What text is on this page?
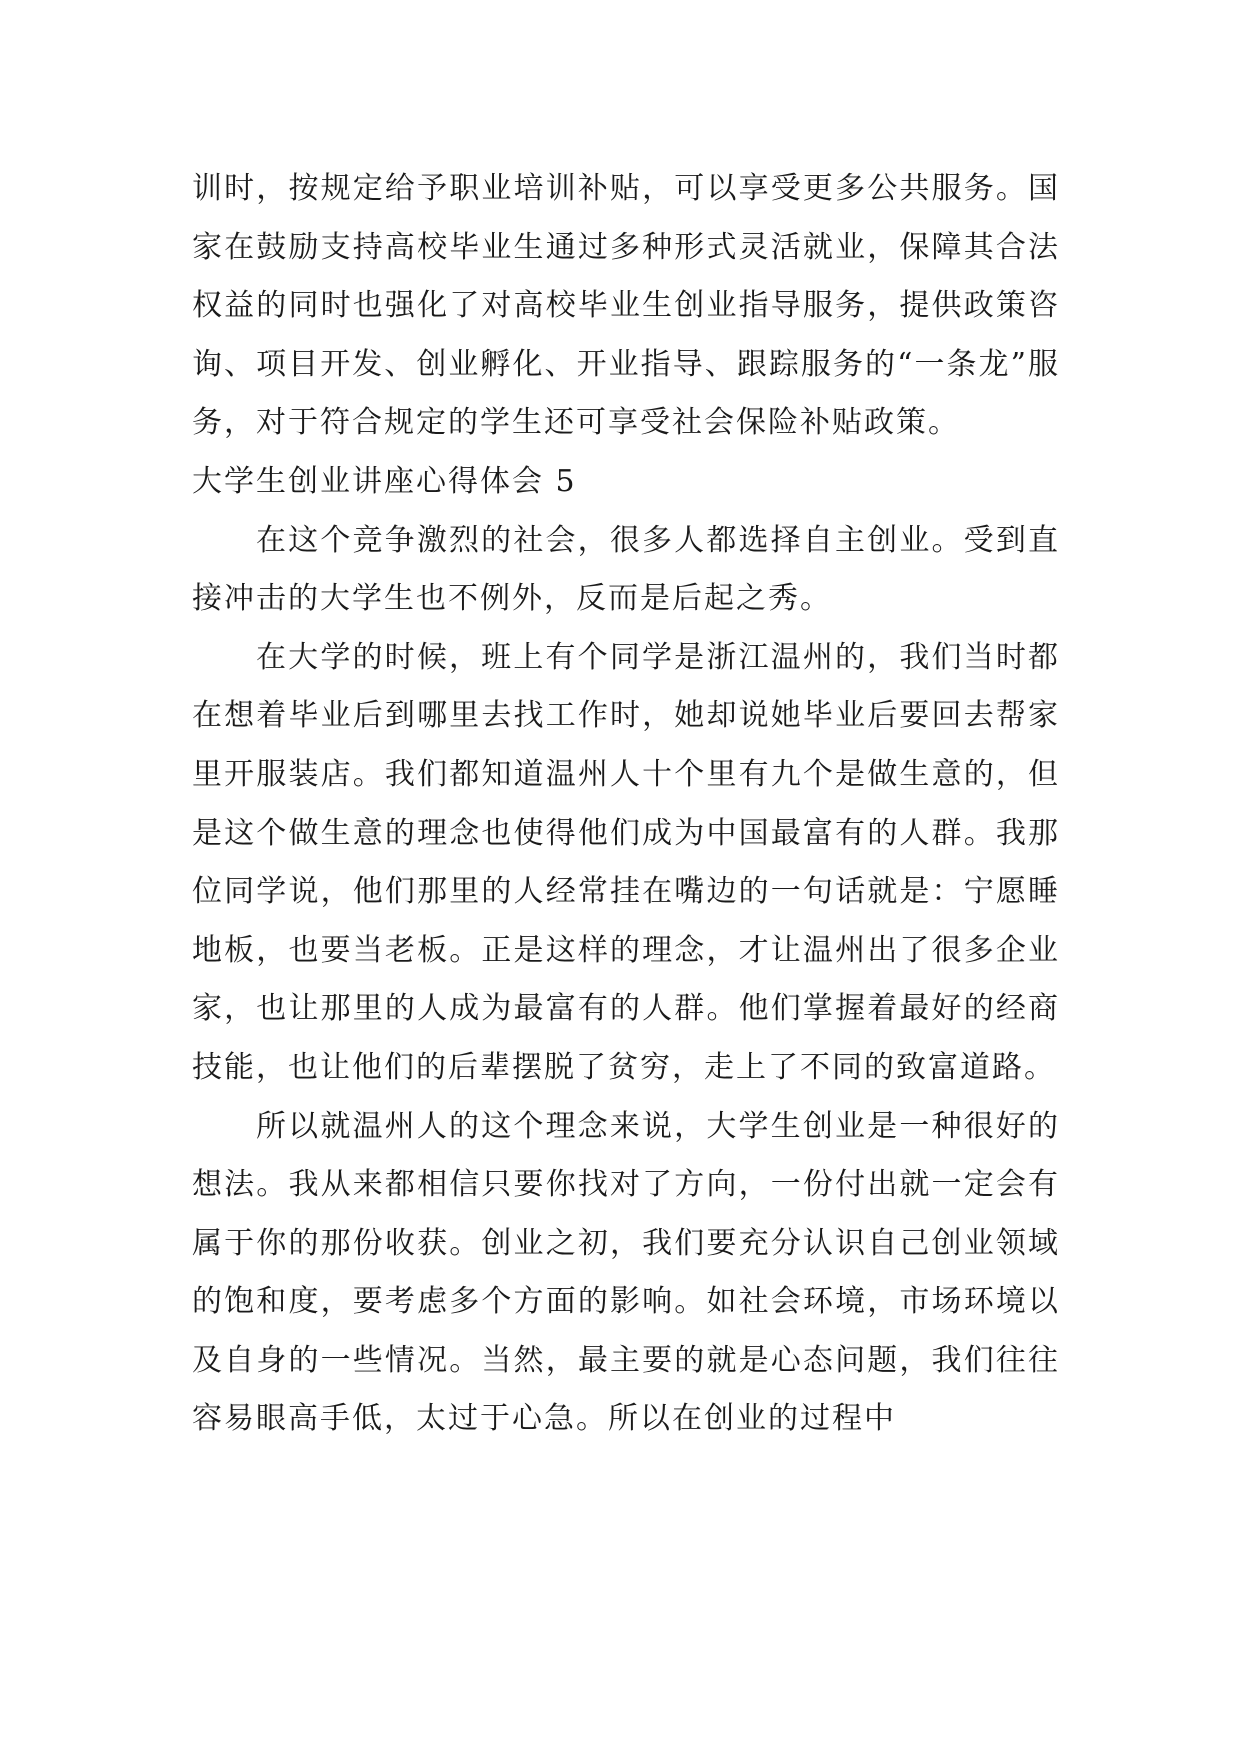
训时，按规定给予职业培训补贴，可以享受更多公共服务。国家在鼓励支持高校毕业生通过多种形式灵活就业，保障其合法权益的同时也强化了对高校毕业生创业指导服务，提供政策咨询、项目开发、创业孵化、开业指导、跟踪服务的“一条龙”服务，对于符合规定的学生还可享受社会保险补贴政策。

大学生创业讲座心得体会 5

在这个竞争激烈的社会，很多人都选择自主创业。受到直接冲击的大学生也不例外，反而是后起之秀。

在大学的时候，班上有个同学是浙江温州的，我们当时都在想着毕业后到哪里去找工作时，她却说她毕业后要回去帮家里开服装店。我们都知道温州人十个里有九个是做生意的，但是这个做生意的理念也使得他们成为中国最富有的人群。我那位同学说，他们那里的人经常挂在嘴边的一句话就是：宁愿睡地板，也要当老板。正是这样的理念，才让温州出了很多企业家，也让那里的人成为最富有的人群。他们掌握着最好的经商技能，也让他们的后辈摆脱了贫穷，走上了不同的致富道路。

所以就温州人的这个理念来说，大学生创业是一种很好的想法。我从来都相信只要你找对了方向，一份付出就一定会有属于你的那份收获。创业之初，我们要充分认识自己创业领域的饱和度，要考虑多个方面的影响。如社会环境，市场环境以及自身的一些情况。当然，最主要的就是心态问题，我们往往容易眼高手低，太过于心急。所以在创业的过程中
